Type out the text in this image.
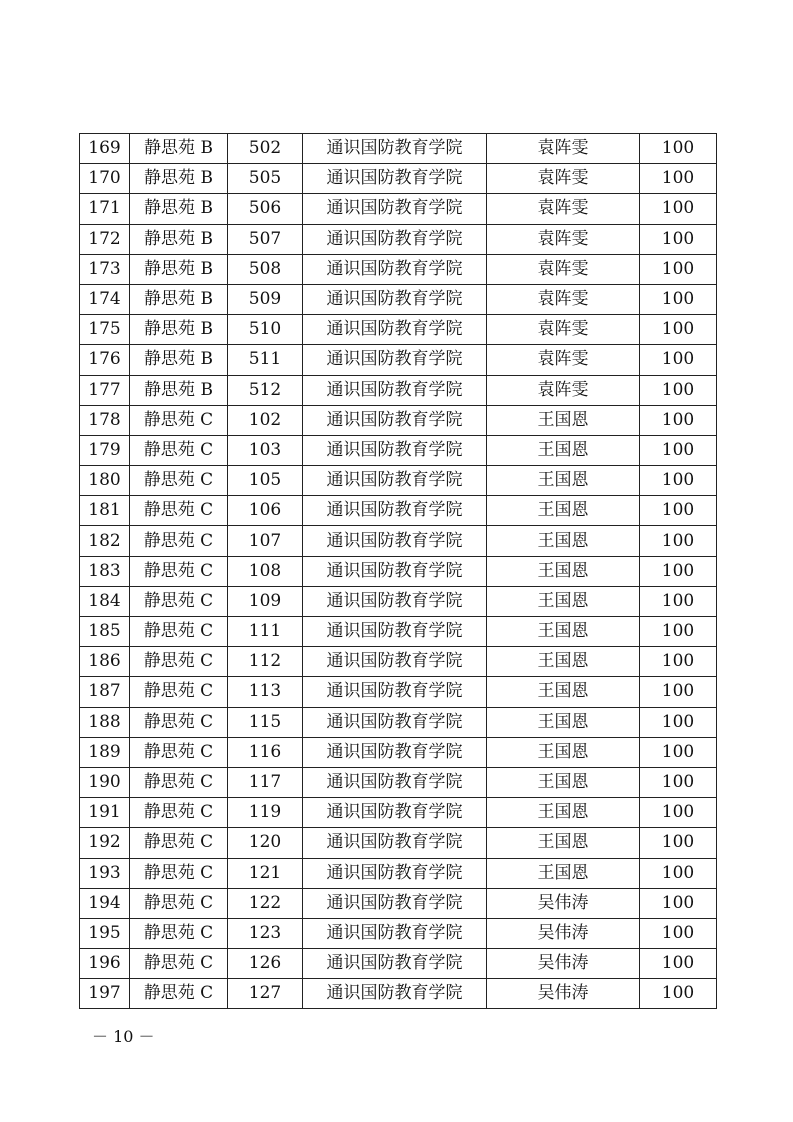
169	静思苑 B	502	通识国防教育学院	袁阵雯	100
170	静思苑 B	505	通识国防教育学院	袁阵雯	100
171	静思苑 B	506	通识国防教育学院	袁阵雯	100
172	静思苑 B	507	通识国防教育学院	袁阵雯	100
173	静思苑 B	508	通识国防教育学院	袁阵雯	100
174	静思苑 B	509	通识国防教育学院	袁阵雯	100
175	静思苑 B	510	通识国防教育学院	袁阵雯	100
176	静思苑 B	511	通识国防教育学院	袁阵雯	100
177	静思苑 B	512	通识国防教育学院	袁阵雯	100
178	静思苑 C	102	通识国防教育学院	王国恩	100
179	静思苑 C	103	通识国防教育学院	王国恩	100
180	静思苑 C	105	通识国防教育学院	王国恩	100
181	静思苑 C	106	通识国防教育学院	王国恩	100
182	静思苑 C	107	通识国防教育学院	王国恩	100
183	静思苑 C	108	通识国防教育学院	王国恩	100
184	静思苑 C	109	通识国防教育学院	王国恩	100
185	静思苑 C	111	通识国防教育学院	王国恩	100
186	静思苑 C	112	通识国防教育学院	王国恩	100
187	静思苑 C	113	通识国防教育学院	王国恩	100
188	静思苑 C	115	通识国防教育学院	王国恩	100
189	静思苑 C	116	通识国防教育学院	王国恩	100
190	静思苑 C	117	通识国防教育学院	王国恩	100
191	静思苑 C	119	通识国防教育学院	王国恩	100
192	静思苑 C	120	通识国防教育学院	王国恩	100
193	静思苑 C	121	通识国防教育学院	王国恩	100
194	静思苑 C	122	通识国防教育学院	吴伟涛	100
195	静思苑 C	123	通识国防教育学院	吴伟涛	100
196	静思苑 C	126	通识国防教育学院	吴伟涛	100
197	静思苑 C	127	通识国防教育学院	吴伟涛	100
－ 10 －
